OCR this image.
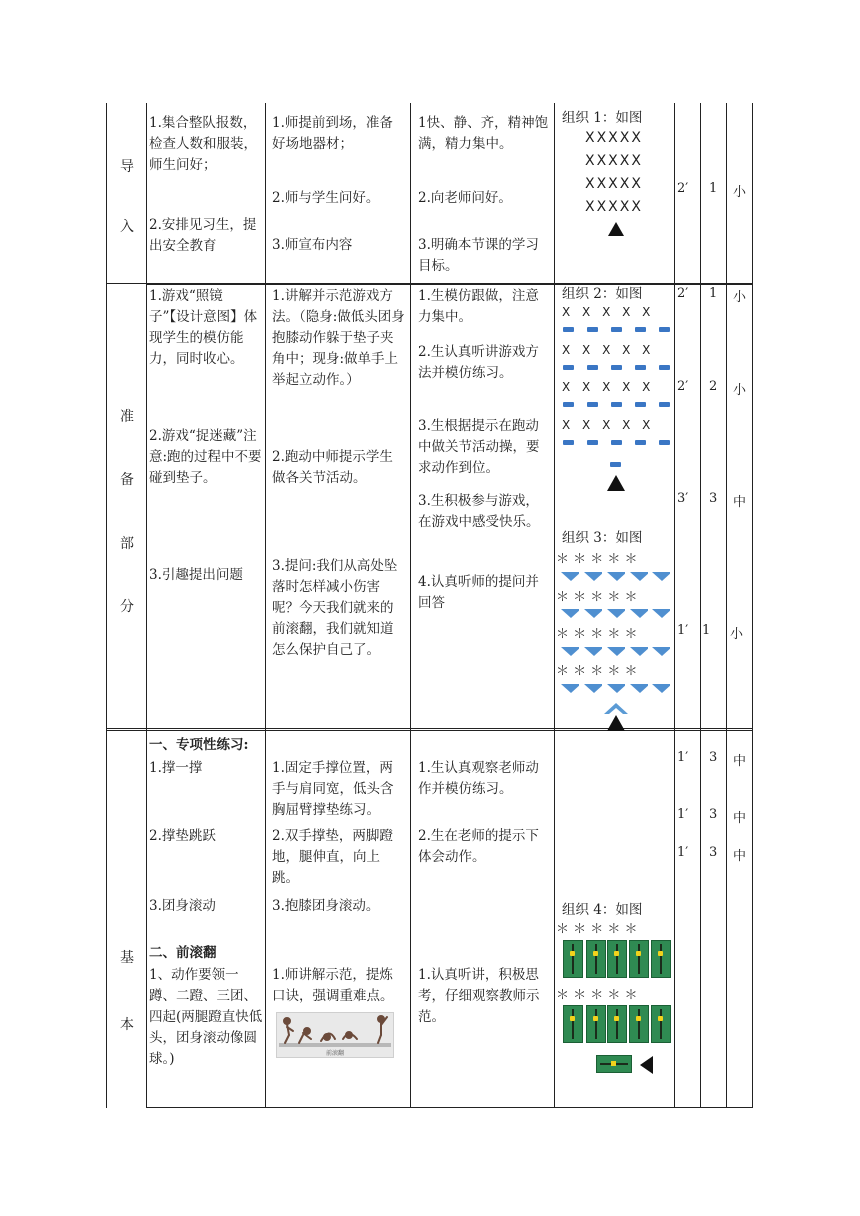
导
入
准
备
部
分
基
本
1.集合整队报数，检查人数和服装，师生问好；
2.安排见习生，提出安全教育
1.师提前到场，准备好场地器材；
2.师与学生问好。
3.师宣布内容
1快、静、齐，精神饱满，精力集中。
2.向老师问好。
3.明确本节课的学习目标。
组织 1：如图
XXXXX
XXXXX
XXXXX
XXXXX
2′ 1 小
1.游戏“照镜子”【设计意图】体现学生的模仿能力，同时收心。
2.游戏“捉迷藏”注意:跑的过程中不要碰到垫子。
3.引趣提出问题
1.讲解并示范游戏方法。（隐身:做低头团身抱膝动作躲于垫子夹角中；现身:做单手上举起立动作。）
2.跑动中师提示学生做各关节活动。
3.提问:我们从高处坠落时怎样减小伤害呢？今天我们就来的前滚翻，我们就知道怎么保护自己了。
1.生模仿跟做，注意力集中。
2.生认真听讲游戏方法并模仿练习。
3.生根据提示在跑动中做关节活动操，要求动作到位。
3.生积极参与游戏，在游戏中感受快乐。
4.认真听师的提问并回答
组织 2：如图
X X X X X
X X X X X
X X X X X
X X X X X
组织 3：如图
＊ ＊ ＊ ＊ ＊
＊ ＊ ＊ ＊ ＊
＊ ＊ ＊ ＊ ＊
＊ ＊ ＊ ＊ ＊
2′ 1 小
2′ 2 小
3′ 3 中
1′ 1 小
一、专项性练习:
1.撑一撑
2.撑垫跳跃
3.团身滚动
二、前滚翻
1、动作要领一蹲、二蹬、三团、四起(两腿蹬直快低头，团身滚动像圆球。)
1.固定手撑位置，两手与肩同宽，低头含胸屈臂撑垫练习。
2.双手撑垫，两脚蹬地，腿伸直，向上跳。
3.抱膝团身滚动。
1.师讲解示范，提炼口诀，强调重难点。
前滚翻
1.生认真观察老师动作并模仿练习。
2.生在老师的提示下体会动作。
1.认真听讲，积极思考，仔细观察教师示范。
组织 4：如图
＊ ＊ ＊ ＊ ＊
＊ ＊ ＊ ＊ ＊
1′ 3 中
1′ 3 中
1′ 3 中
